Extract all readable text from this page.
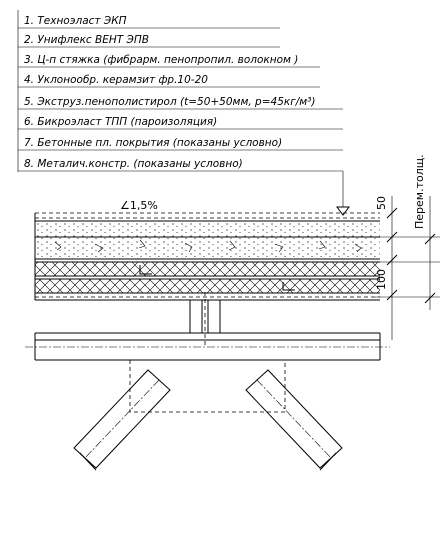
1. Техноэласт ЭКП
2. Унифлекс ВЕНТ ЭПВ
3. Ц-п стяжка (фибрарм. пенопропил. волокном )
4. Уклонообр. керамзит фр.10-20
5. Экструз.пенополистирол (t=50+50мм, p=45кг/м³)
6. Бикроэласт ТПП (пароизоляция)
7. Бетонные пл. покрытия (показаны условно)
8. Металич.констр. (показаны условно)
∠1,5%	50 Перем.толщ.
100
